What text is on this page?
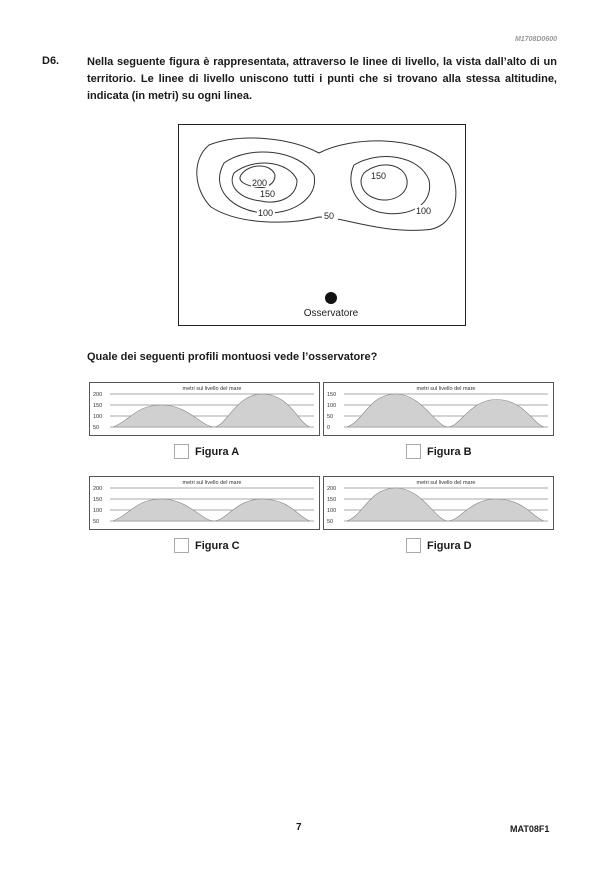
M1708D0600
D6.	Nella seguente figura è rappresentata, attraverso le linee di livello, la vista dall’alto di un territorio. Le linee di livello uniscono tutti i punti che si trovano alla stessa altitudine, indicata (in metri) su ogni linea.
200
150
100	50
150
100
Osservatore
Quale dei seguenti profili montuosi vede l’osservatore?
metri sul livello del mare
200
150
100
50
metri sul livello del mare
150
100
50
0
metri sul livello del mare
200
150
100
50
metri sul livello del mare
200
150
100
50
Figura A	Figura B
Figura C	Figura D
7	MAT08F1
